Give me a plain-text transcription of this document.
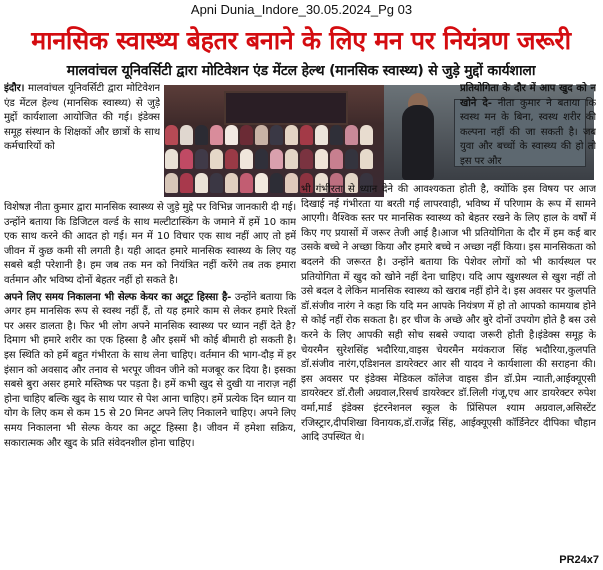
Apni Dunia_Indore_30.05.2024_Pg 03
मानसिक स्वास्थ्य बेहतर बनाने के लिए मन पर नियंत्रण जरूरी
मालवांचल यूनिवर्सिटी द्वारा मोटिवेशन एंड मेंटल हेल्थ (मानसिक स्वास्थ्य) से जुड़े मुद्दों कार्यशाला

इंदौर। मालवांचल यूनिवर्सिटी द्वारा मोटिवेशन एंड मेंटल हेल्थ (मानसिक स्वास्थ्य) से जुड़े मुद्दों कार्यशाला आयोजित की गई। इंडेक्स समूह संस्थान के शिक्षकों और छात्रों के साथ कर्मचारियों को

प्रतियोगिता के दौर में आप खुद को न खोने दे- नीता कुमार ने बताया कि स्वस्थ मन के बिना, स्वस्थ शरीर की कल्पना नहीं की जा सकती है। जब युवा और बच्चों के स्वास्थ्य की हो तो इस पर और

विशेषज्ञ नीता कुमार द्वारा मानसिक स्वास्थ्य से जुड़े मुद्दे पर विभिन्न जानकारी दी गई। उन्होंने बताया कि डिजिटल वर्ल्ड के साथ मल्टीटास्किंग के जमाने में हमें 10 काम एक साथ करने की आदत हो गई। मन में 10 विचार एक साथ नहीं आए तो हमें जीवन में कुछ कमी सी लगती है। यही आदत हमारे मानसिक स्वास्थ्य के लिए यह सबसे बड़ी परेशानी है। हम जब तक मन को नियंत्रित नहीं करेंगे तब तक हमारा वर्तमान और भविष्य दोनों बेहतर नहीं हो सकते है।

अपने लिए समय निकालना भी सेल्फ केयर का अटूट हिस्सा है- उन्होंने बताया कि अगर हम मानसिक रूप से स्वस्थ नहीं हैं, तो यह हमारे काम से लेकर हमारे रिश्तों पर असर डालता है। फिर भी लोग अपने मानसिक स्वास्थ्य पर ध्यान नहीं देते है?दिमाग भी हमारे शरीर का एक हिस्सा है और इसमें भी कोई बीमारी हो सकती है। इस स्थिति को हमें बहुत गंभीरता के साथ लेना चाहिए। वर्तमान की भाग-दौड़ में हर इंसान को अवसाद और तनाव से भरपूर जीवन जीने को मजबूर कर दिया है। इसका सबसे बुरा असर हमारे मस्तिष्क पर पड़ता है। हमें कभी खुद से दुखी या नाराज़ नहीं होना चाहिए बल्कि खुद के साथ प्यार से पेश आना चाहिए। हमें प्रत्येक दिन ध्यान या योग के लिए कम से कम 15 से 20 मिनट अपने लिए निकालने चाहिए। अपने लिए समय निकालना भी सेल्फ केयर का अटूट हिस्सा है। जीवन में हमेशा सक्रिय, सकारात्मक और खुद के प्रति संवेदनशील होना चाहिए।

भी गंभीरता से ध्यान देने की आवश्यकता होती है, क्योंकि इस विषय पर आज दिखाई नई गंभीरता या बरती गई लापरवाही, भविष्य में परिणाम के रूप में सामने आएगी। वैश्विक स्तर पर मानसिक स्वास्थ्य को बेहतर रखने के लिए हाल के वर्षों में किए गए प्रयासों में जरूर तेजी आई है।आज भी प्रतियोगिता के दौर में हम कई बार उसके बच्चे ने अच्छा किया और हमारे बच्चे न अच्छा नहीं किया। इस मानसिकता को बदलने की जरूरत है। उन्होंने बताया कि पेशेवर लोगों को भी कार्यस्थल पर प्रतियोगिता में खुद को खोने नहीं देना चाहिए। यदि आप खुशस्थल से खुश नहीं तो उसे बदल दे लेकिन मानसिक स्वास्थ्य को खराब नहीं होने दे। इस अवसर पर कुलपति डॉ.संजीव नारंग ने कहा कि यदि मन आपके नियंत्रण में हो तो आपको कामयाब होने से कोई नहीं रोक सकता है। हर चीज के अच्छे और बुरे दोनों उपयोग होते है बस उसे करने के लिए आपकी सही सोच सबसे ज्यादा जरूरी होती है।इंडेक्स समूह के चेयरमैन सुरेशसिंह भदौरिया,वाइस चेयरमैन मयंकराज सिंह भदौरिया,कुलपति डॉ.संजीव नारंग,एडिशनल डायरेक्टर आर सी यादव ने कार्यशाला की सराहना की। इस अवसर पर इंडेक्स मेडिकल कॉलेज वाइस डीन डॉ.प्रेम न्याती,आईक्यूएसी डायरेक्टर डॉ.रौली अग्रवाल,रिसर्च डायरेक्टर डॉ.लिली गंजू,एच आर डायरेक्टर रुपेश वर्मा,मार्ड इंडेक्स इंटरनेशनल स्कूल के प्रिंसिपल श्याम अग्रवाल,असिस्टेंट रजिस्ट्रार,दीपशिखा विनायक,डॉ.राजेंद्र सिंह, आईक्यूएसी कॉर्डिनेटर दीपिका चौहान आदि उपस्थित थे।

PR24x7
